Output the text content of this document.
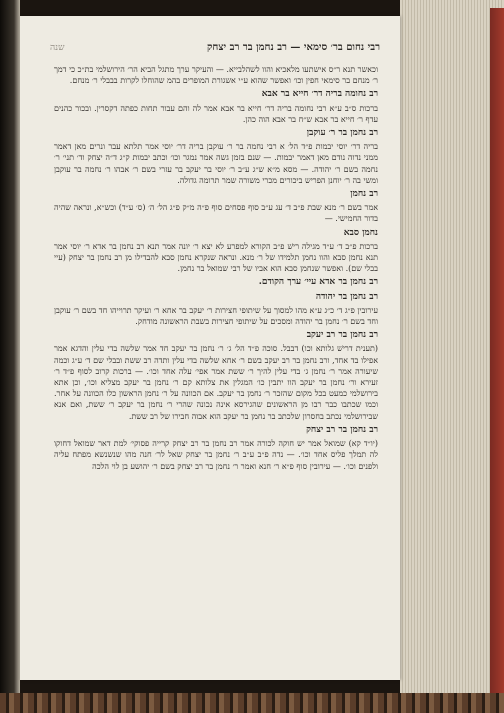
רבי נחום בר׳ סימאי — רב נחמן בר רב יצחק
שנה

וכאשר תנא ר״ס אישתעו מלאכיא והוו לשהלבייא. — והעיקר ערך מתגל הביא הר׳ הירושלמי בת״כ כי דמך ר׳ מנחם בר סימאי חפין וכו׳ ואפשר שהוא ע״י אשגורת המופרים בהמ שהוחלו לקרות בבבלי ר׳ מנחם.

רב נחומה בריה דר׳ חייא בר אבא

ברכות ס״ב ע״א רבי נחומה בריה דר׳ חייא בר אבא אמר לה והם עבור תחות כפתה דקסרין. ובכור כהנים עדף ר׳ חייא בר אבא ש״ח בר אבא הוה כהן.

רב נחמן בר ר׳ עוקבן

בריה דר׳ יוסי יבמות פ״ד הל׳ א רבי נחמה בר ר׳ עוקבן בריה דר׳ יוסי אמר תלתא עבר ונרים מאן דאמר ממני נדוה נודם מאן דאמר יבמות. — שנם בזמן גשה אמר נמגר וכו׳ וכתב יבמות ק״ג ד״ה יצחק וד׳ תני׳ ר׳ נחמה בשם ר׳ יהודה. — מסא מ״א ש״ג ע״ב ר׳ יוסי בר יעקב בר עזרי בשם ר׳ אבהו ר׳ נחמה בר עוקבן ומשי בה ר׳ יוחנן הפריש ביכורים מכרי משורה שמר תרומה גדולה.

רב נחמן

אמר בשם ר׳ מנא שבת פ״ב ד׳ עג ע״ב סוף פסחים סוף פ״ה מ״ק פ״ג הל׳ ה׳ (ס׳ ע״ד) וכש״א, ונראה שהיה בדור החמישי. —

נחמן סבא

ברכות פ״ב ד׳ ע״ד מגילה רישׁ פ״ב הקורא למפרע לא יצא ר׳ יונה אמר תנא רב נחמן בר אדא ר׳ יוסי אמר תנא נחמן סבא והוו נחמן תלמידו של ר׳ מנא. ונראה שנקרא נחמן סבא להבדילו מן רב נחמן בר יצחק (עיי בבלי שם). ואפשר שנחמן סבא הוא אביו של רבי שמואל בר נחמן.

רב נחמן בר אדא עיי׳ ערך הקודם.

רב נחמן בר יהודה

עירובין פ״ג ד׳ כ״ג ע״א מהו למסוך על שיתופי חצירות ר׳ יעקב בר אחא ר׳ ועיקר תרוייהו חד בשם ר׳ עוקבן וחד בשם ר׳ נחמן בר יהודה ומסכים על שיתופי חצירות בשבת הראשונה מודחק.

רב נחמן בר רב יעקב

(תענית דרישׁ גלותא וכו) דבבל. סוכה פ״ד הל׳ ג׳ ר׳ נחמן בר יעקב חד אמר שלשה בדי עלין והדגא אמר אפילו בד אחד, ורב נחמן בר רב יעקב בשם ר׳ אחא שלשה בדי עלין ותדה רב ששת ובבלי שם ד׳ ע״ג וכמה שיעורה אמר ר׳ נחמן ג׳ בדי עלין להיך ר׳ ששת אמר אפי׳ עלה אחד וכו׳. — ברכות קרוב לסוף פ״ד ר׳ זעירא ור׳ נחמן בר יעקב הוו יתבין כו׳ המגלין את צלותא קם ר׳ נחמן בר יעקב מצליא וכו׳, וכן אתא בירושלמי כמעט בכל מקום שהזכר ר׳ נחמן בר יעקב. אם הכוונה על ר׳ נחמן הראשון כלו הכוונה על אחר. וכמו שכתבו כבר רבו מן הראשונים שהגירסא אינה נכונה שהרי ר׳ נחמן בר יעקב ר׳ ששת, ואם אנא שבירושלמי נכתב בחסרון שלכתב בר נחמן בר יעקב הוא אבוה חבירו של רב ששת.

רב נחמן בר רב יצחק

(יו״ד קא) שמואל אמר יש חוקה לכורה אמר רב נחמן בר רב יצחק קרייה פסוקי׳ למת דאר שמואל דחוקו לה תמלך פליס אחד וכו׳. — נדה פ״ב ע״ב ר׳ נחמן בר יצחק שאל לר׳ חנה מהו שנשנשא מפתח עליה ולפנים וכו׳. — עירובין סוף פ״א ר׳ חנא ואמר ר׳ נחמן בר רב יצחק בשם ר׳ יהושע בן לוי הלכה
